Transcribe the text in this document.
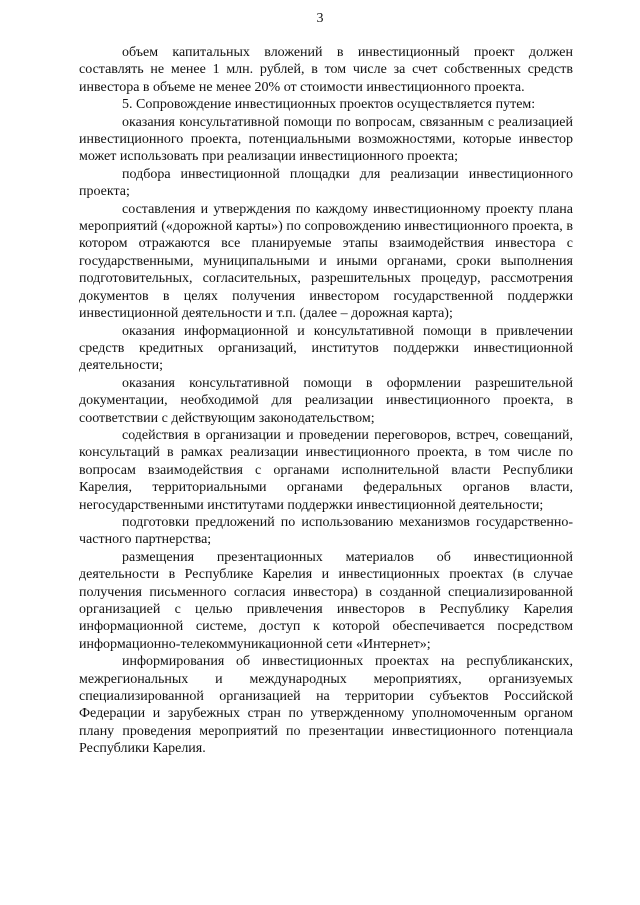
3

объем капитальных вложений в инвестиционный проект должен составлять не менее 1 млн. рублей, в том числе за счет собственных средств инвестора в объеме не менее 20% от стоимости инвестиционного проекта.

5. Сопровождение инвестиционных проектов осуществляется путем:

оказания консультативной помощи по вопросам, связанным с реализацией инвестиционного проекта, потенциальными возможностями, которые инвестор может использовать при реализации инвестиционного проекта;

подбора инвестиционной площадки для реализации инвестиционного проекта;

составления и утверждения по каждому инвестиционному проекту плана мероприятий («дорожной карты») по сопровождению инвестиционного проекта, в котором отражаются все планируемые этапы взаимодействия инвестора с государственными, муниципальными и иными органами, сроки выполнения подготовительных, согласительных, разрешительных процедур, рассмотрения документов в целях получения инвестором государственной поддержки инвестиционной деятельности и т.п. (далее – дорожная карта);

оказания информационной и консультативной помощи в привлечении средств кредитных организаций, институтов поддержки инвестиционной деятельности;

оказания консультативной помощи в оформлении разрешительной документации, необходимой для реализации инвестиционного проекта, в соответствии с действующим законодательством;

содействия в организации и проведении переговоров, встреч, совещаний, консультаций в рамках реализации инвестиционного проекта, в том числе по вопросам взаимодействия с органами исполнительной власти Республики Карелия, территориальными органами федеральных органов власти, негосударственными институтами поддержки инвестиционной деятельности;

подготовки предложений по использованию механизмов государственно-частного партнерства;

размещения презентационных материалов об инвестиционной деятельности в Республике Карелия и инвестиционных проектах (в случае получения письменного согласия инвестора) в созданной специализированной организацией с целью привлечения инвесторов в Республику Карелия информационной системе, доступ к которой обеспечивается посредством информационно-телекоммуникационной сети «Интернет»;

информирования об инвестиционных проектах на республиканских, межрегиональных и международных мероприятиях, организуемых специализированной организацией на территории субъектов Российской Федерации и зарубежных стран по утвержденному уполномоченным органом плану проведения мероприятий по презентации инвестиционного потенциала Республики Карелия.
